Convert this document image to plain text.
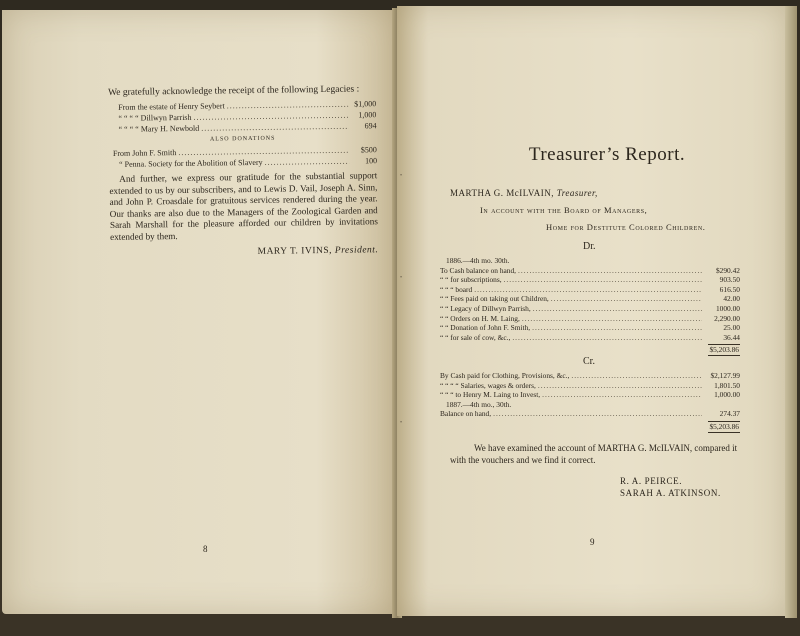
We gratefully acknowledge the receipt of the following Legacies :
From the estate of Henry Seybert .....	$1,000
“ “ “ “ Dillwyn Parrish .....	1,000
“ “ “ “ Mary H. Newbold .....	694
ALSO DONATIONS
From John F. Smith .....	$500
“ Penna. Society for the Abolition of Slavery .....	100
And further, we express our gratitude for the substantial support extended to us by our subscribers, and to Lewis D. Vail, Joseph A. Sinn, and John P. Croasdale for gratuitous services rendered during the year. Our thanks are also due to the Managers of the Zoological Garden and Sarah Marshall for the pleasure afforded our children by invitations extended by them.
MARY T. IVINS, President.
8
Treasurer’s Report.
MARTHA G. McILVAIN, Treasurer,
In account with the Board of Managers,
Home for Destitute Colored Children.
Dr.
1886.—4th mo. 30th.
To Cash balance on hand, .....	$290.42
“ “ for subscriptions, .....	903.50
“ “ “ board .....	616.50
“ “ Fees paid on taking out Children, .....	42.00
“ “ Legacy of Dillwyn Parrish, .....	1000.00
“ “ Orders on H. M. Laing, .....	2,290.00
“ “ Donation of John F. Smith, .....	25.00
“ “ for sale of cow, &c., .....	36.44
$5,203.86
Cr.
By Cash paid for Clothing, Provisions, &c., .....	$2,127.99
“ “ “ “ Salaries, wages & orders, .....	1,801.50
“ “ “ to Henry M. Laing to Invest, .....	1,000.00
1887.—4th mo., 30th.
Balance on hand, .....	274.37
$5,203.86
We have examined the account of MARTHA G. McILVAIN, compared it with the vouchers and we find it correct.
R. A. PEIRCE.
SARAH A. ATKINSON.
9
•
•
•
